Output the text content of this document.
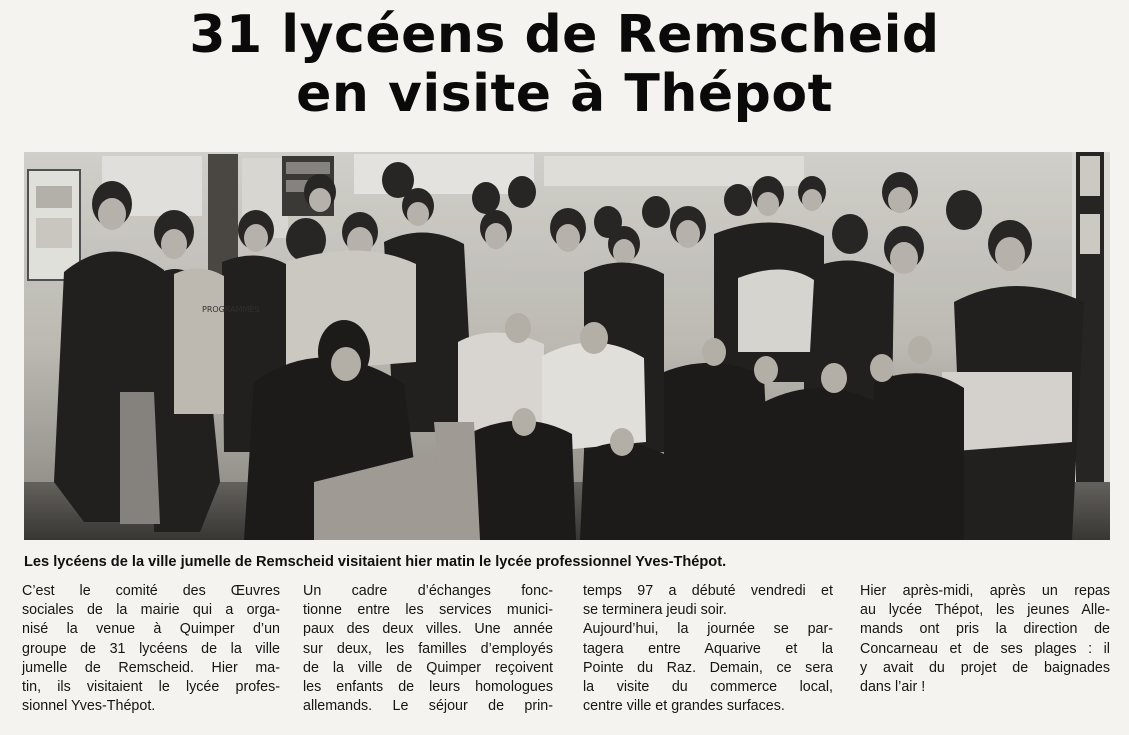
31 lycéens de Remscheid
en visite à Thépot
PROGRAMMES
Les lycéens de la ville jumelle de Remscheid visitaient hier matin le lycée professionnel Yves-Thépot.
C’est le comité des Œuvres
sociales de la mairie qui a orga-
nisé la venue à Quimper d’un
groupe de 31 lycéens de la ville
jumelle de Remscheid. Hier ma-
tin, ils visitaient le lycée profes-
sionnel Yves-Thépot.
Un cadre d’échanges fonc-
tionne entre les services munici-
paux des deux villes. Une année
sur deux, les familles d’employés
de la ville de Quimper reçoivent
les enfants de leurs homologues
allemands. Le séjour de prin-
temps 97 a débuté vendredi et
se terminera jeudi soir.
Aujourd’hui, la journée se par-
tagera entre Aquarive et la
Pointe du Raz. Demain, ce sera
la visite du commerce local,
centre ville et grandes surfaces.
Hier après-midi, après un repas
au lycée Thépot, les jeunes Alle-
mands ont pris la direction de
Concarneau et de ses plages : il
y avait du projet de baignades
dans l’air !
